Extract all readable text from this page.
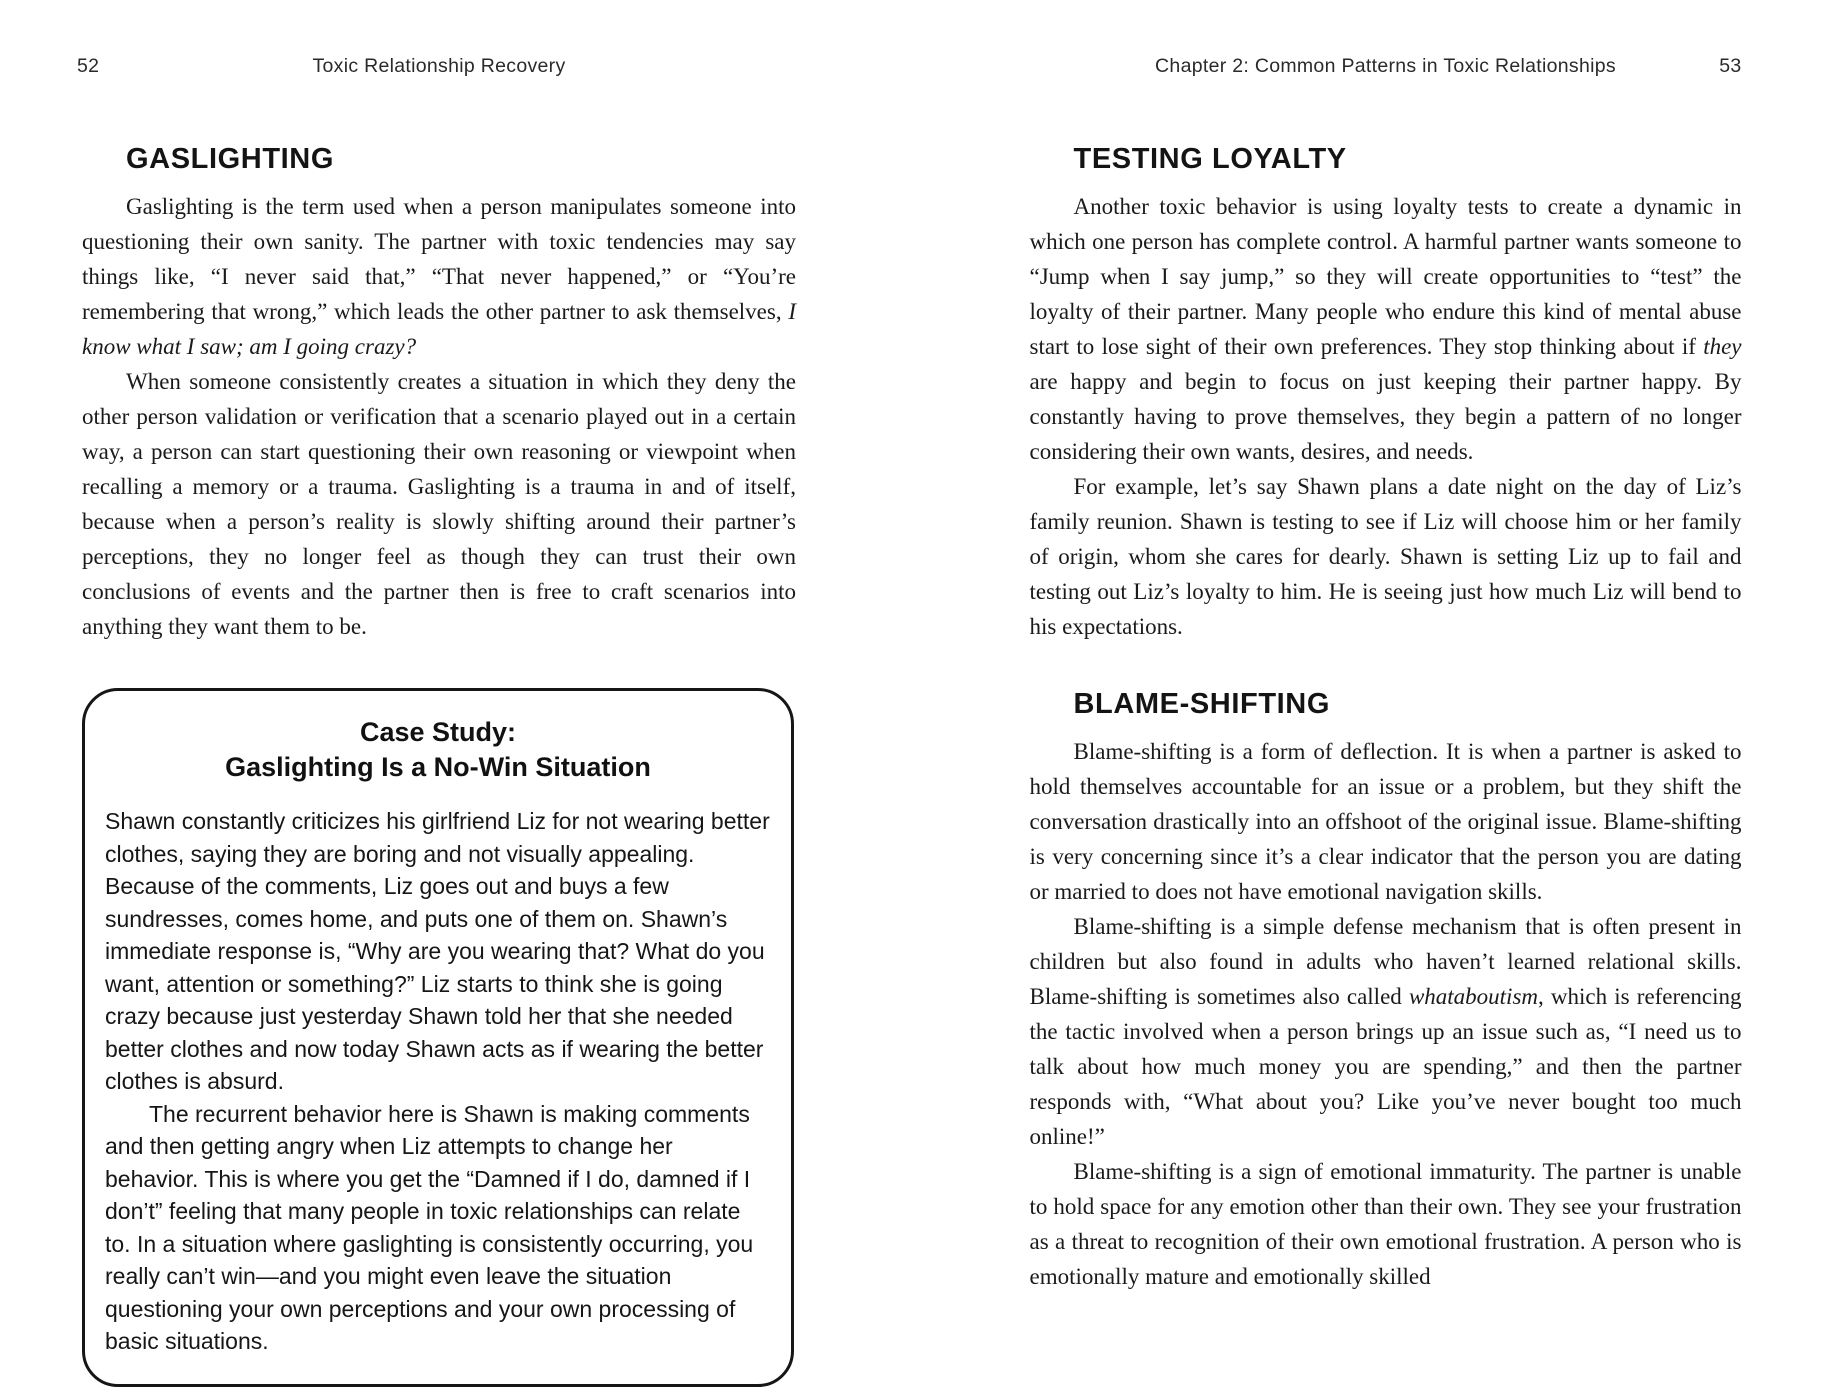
52	Toxic Relationship Recovery
GASLIGHTING

Gaslighting is the term used when a person manipulates someone into questioning their own sanity. The partner with toxic tendencies may say things like, “I never said that,” “That never happened,” or “You’re remembering that wrong,” which leads the other partner to ask themselves, I know what I saw; am I going crazy?

When someone consistently creates a situation in which they deny the other person validation or verification that a scenario played out in a certain way, a person can start questioning their own reasoning or viewpoint when recalling a memory or a trauma. Gaslighting is a trauma in and of itself, because when a person’s reality is slowly shifting around their partner’s perceptions, they no longer feel as though they can trust their own conclusions of events and the partner then is free to craft scenarios into anything they want them to be.

Case Study:
Gaslighting Is a No-Win Situation

Shawn constantly criticizes his girlfriend Liz for not wearing better clothes, saying they are boring and not visually appealing. Because of the comments, Liz goes out and buys a few sundresses, comes home, and puts one of them on. Shawn’s immediate response is, “Why are you wearing that? What do you want, attention or something?” Liz starts to think she is going crazy because just yesterday Shawn told her that she needed better clothes and now today Shawn acts as if wearing the better clothes is absurd.

The recurrent behavior here is Shawn is making comments and then getting angry when Liz attempts to change her behavior. This is where you get the “Damned if I do, damned if I don’t” feeling that many people in toxic relationships can relate to. In a situation where gaslighting is consistently occurring, you really can’t win—and you might even leave the situation questioning your own perceptions and your own processing of basic situations.

Chapter 2: Common Patterns in Toxic Relationships	53
TESTING LOYALTY

Another toxic behavior is using loyalty tests to create a dynamic in which one person has complete control. A harmful partner wants someone to “Jump when I say jump,” so they will create opportunities to “test” the loyalty of their partner. Many people who endure this kind of mental abuse start to lose sight of their own preferences. They stop thinking about if they are happy and begin to focus on just keeping their partner happy. By constantly having to prove themselves, they begin a pattern of no longer considering their own wants, desires, and needs.

For example, let’s say Shawn plans a date night on the day of Liz’s family reunion. Shawn is testing to see if Liz will choose him or her family of origin, whom she cares for dearly. Shawn is setting Liz up to fail and testing out Liz’s loyalty to him. He is seeing just how much Liz will bend to his expectations.

BLAME-SHIFTING

Blame-shifting is a form of deflection. It is when a partner is asked to hold themselves accountable for an issue or a problem, but they shift the conversation drastically into an offshoot of the original issue. Blame-shifting is very concerning since it’s a clear indicator that the person you are dating or married to does not have emotional navigation skills.

Blame-shifting is a simple defense mechanism that is often present in children but also found in adults who haven’t learned relational skills. Blame-shifting is sometimes also called whataboutism, which is referencing the tactic involved when a person brings up an issue such as, “I need us to talk about how much money you are spending,” and then the partner responds with, “What about you? Like you’ve never bought too much online!”

Blame-shifting is a sign of emotional immaturity. The partner is unable to hold space for any emotion other than their own. They see your frustration as a threat to recognition of their own emotional frustration. A person who is emotionally mature and emotionally skilled
